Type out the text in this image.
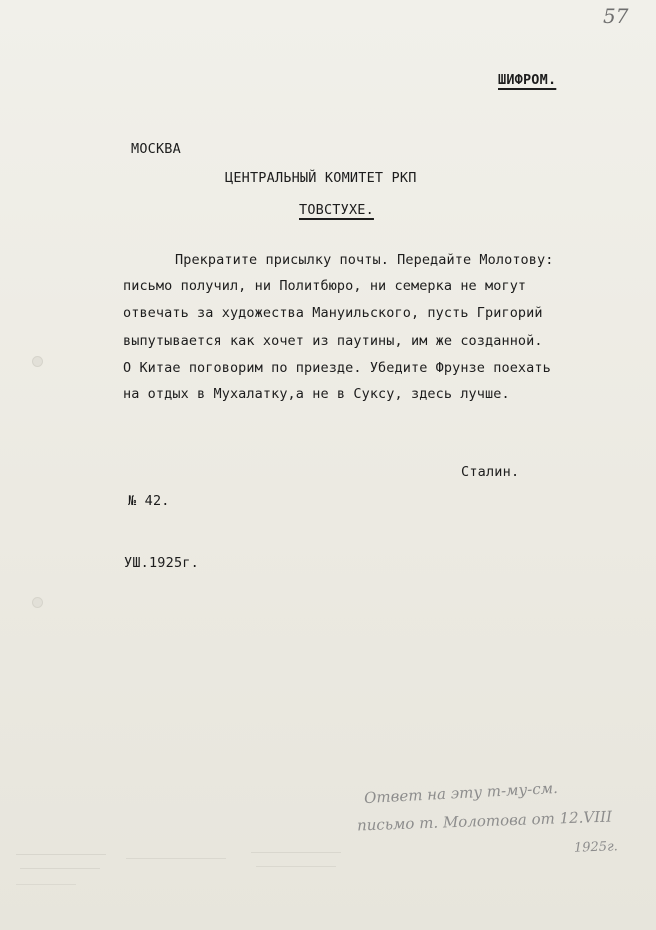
57
ШИФРОМ.
МОСКВА
ЦЕНТРАЛЬНЫЙ КОМИТЕТ РКП
ТОВСТУХЕ.
Прекратите присылку почты. Передайте Молотову:
письмо получил, ни Политбюро, ни семерка не могут
отвечать за художества Мануильского, пусть Григорий
выпутывается как хочет из паутины, им же созданной.
О Китае поговорим по приезде. Убедите Фрунзе поехать
на отдых в Мухалатку,а не в Суксу, здесь лучше.
Сталин.
№ 42.
УШ.1925г.
Ответ на эту т-му-см.
письмо т. Молотова от 12.VIII
1925г.
